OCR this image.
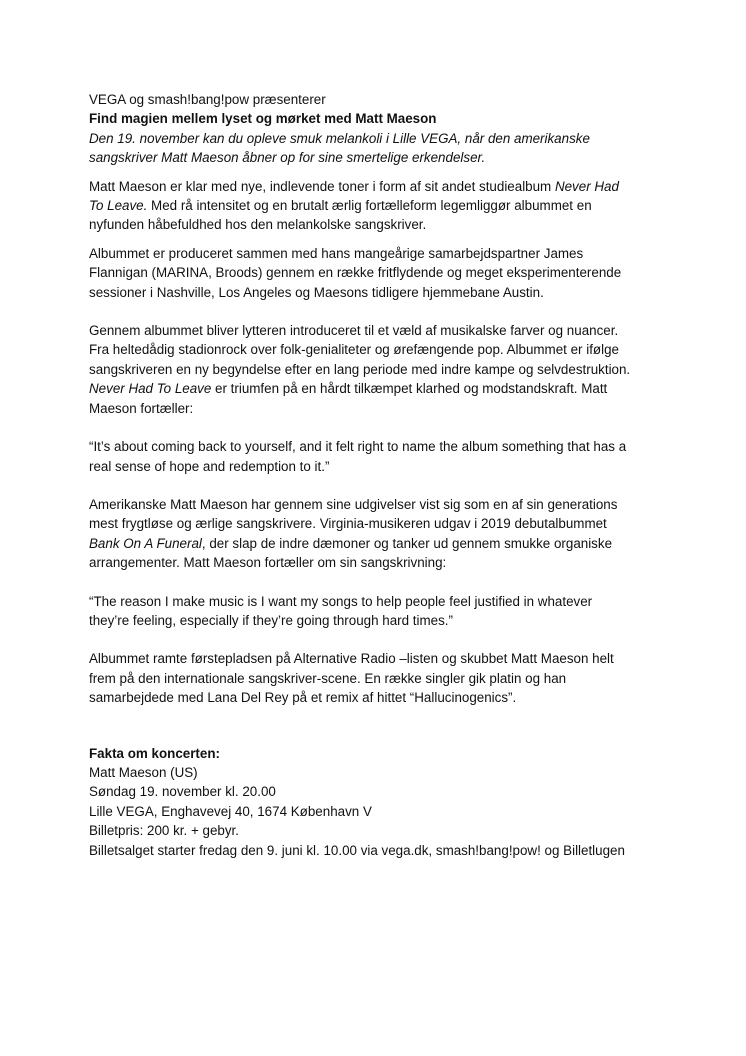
VEGA og smash!bang!pow præsenterer
Find magien mellem lyset og mørket med Matt Maeson
Den 19. november kan du opleve smuk melankoli i Lille VEGA, når den amerikanske
sangskriver Matt Maeson åbner op for sine smertelige erkendelser.
Matt Maeson er klar med nye, indlevende toner i form af sit andet studiealbum Never Had
To Leave. Med rå intensitet og en brutalt ærlig fortælleform legemliggør albummet en
nyfunden håbefuldhed hos den melankolske sangskriver.
Albummet er produceret sammen med hans mangeårige samarbejdspartner James
Flannigan (MARINA, Broods) gennem en række fritflydende og meget eksperimenterende
sessioner i Nashville, Los Angeles og Maesons tidligere hjemmebane Austin.
Gennem albummet bliver lytteren introduceret til et væld af musikalske farver og nuancer.
Fra heltedådig stadionrock over folk-genialiteter og ørefængende pop. Albummet er ifølge
sangskriveren en ny begyndelse efter en lang periode med indre kampe og selvdestruktion.
Never Had To Leave er triumfen på en hårdt tilkæmpet klarhed og modstandskraft. Matt
Maeson fortæller:
“It’s about coming back to yourself, and it felt right to name the album something that has a
real sense of hope and redemption to it.”
Amerikanske Matt Maeson har gennem sine udgivelser vist sig som en af sin generations
mest frygtløse og ærlige sangskrivere. Virginia-musikeren udgav i 2019 debutalbummet
Bank On A Funeral, der slap de indre dæmoner og tanker ud gennem smukke organiske
arrangementer. Matt Maeson fortæller om sin sangskrivning:
“The reason I make music is I want my songs to help people feel justified in whatever
they’re feeling, especially if they’re going through hard times.”
Albummet ramte førstepladsen på Alternative Radio –listen og skubbet Matt Maeson helt
frem på den internationale sangskriver-scene. En række singler gik platin og han
samarbejdede med Lana Del Rey på et remix af hittet “Hallucinogenics”.
Fakta om koncerten:
Matt Maeson (US)
Søndag 19. november kl. 20.00
Lille VEGA, Enghavevej 40, 1674 København V
Billetpris: 200 kr. + gebyr.
Billetsalget starter fredag den 9. juni kl. 10.00 via vega.dk, smash!bang!pow! og Billetlugen
